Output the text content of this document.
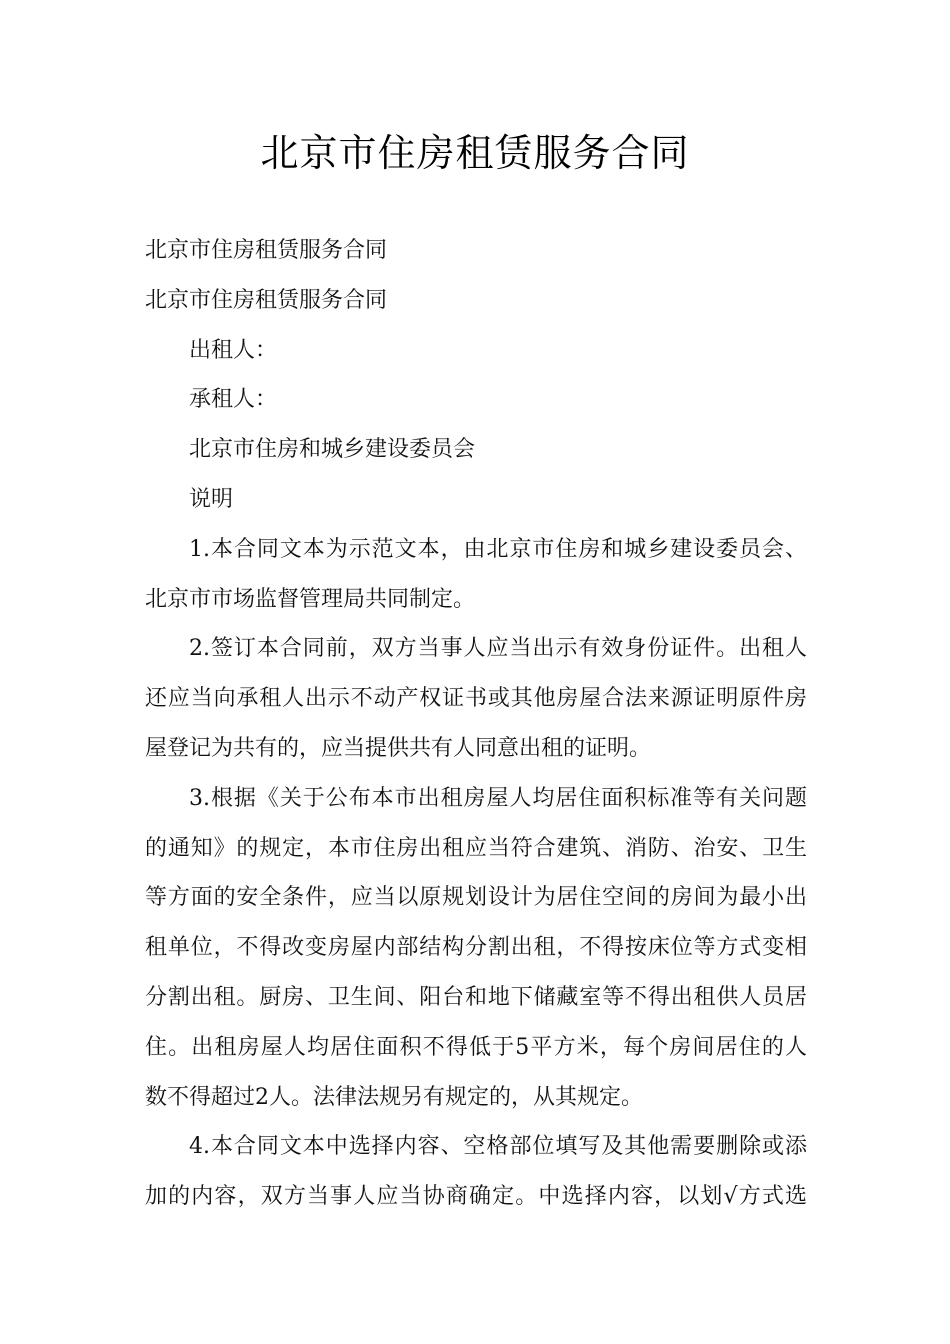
北京市住房租赁服务合同

北京市住房租赁服务合同

北京市住房租赁服务合同

出租人：

承租人：

北京市住房和城乡建设委员会

说明

1.本合同文本为示范文本，由北京市住房和城乡建设委员会、

北京市市场监督管理局共同制定。

2.签订本合同前，双方当事人应当出示有效身份证件。出租人

还应当向承租人出示不动产权证书或其他房屋合法来源证明原件房

屋登记为共有的，应当提供共有人同意出租的证明。

3.根据《关于公布本市出租房屋人均居住面积标准等有关问题

的通知》的规定，本市住房出租应当符合建筑、消防、治安、卫生

等方面的安全条件，应当以原规划设计为居住空间的房间为最小出

租单位，不得改变房屋内部结构分割出租，不得按床位等方式变相

分割出租。厨房、卫生间、阳台和地下储藏室等不得出租供人员居

住。出租房屋人均居住面积不得低于5平方米，每个房间居住的人

数不得超过2人。法律法规另有规定的，从其规定。

4.本合同文本中选择内容、空格部位填写及其他需要删除或添

加的内容，双方当事人应当协商确定。中选择内容，以划√方式选
